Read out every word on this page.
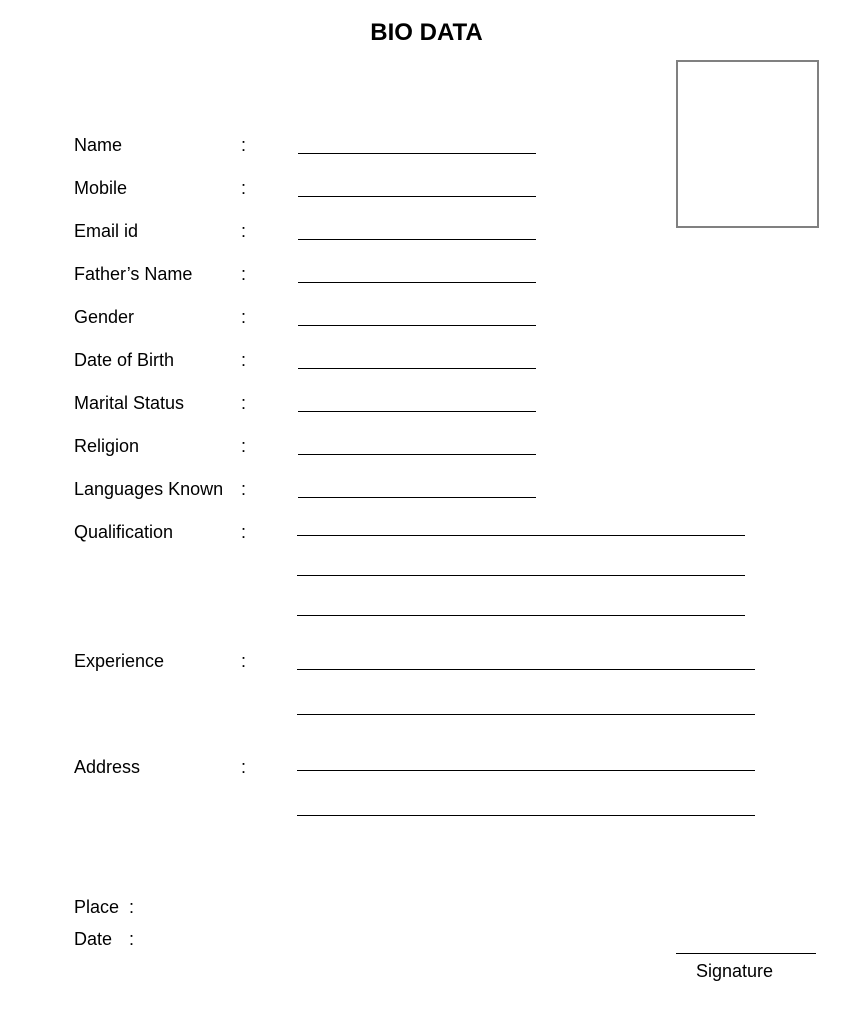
BIO DATA
Name	:
Mobile	:
Email id	:
Father’s Name	:
Gender	:
Date of Birth	:
Marital Status	:
Religion	:
Languages Known :
Qualification	:
Experience	:
Address	:
Place :
Date :
Signature
